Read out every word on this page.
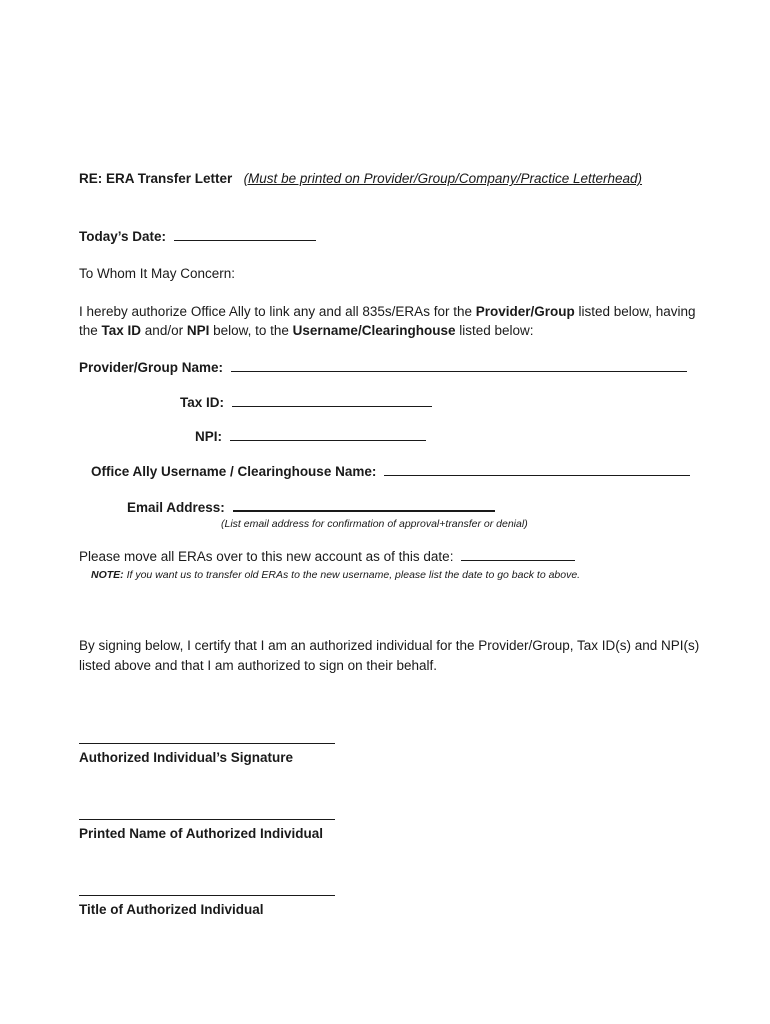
RE: ERA Transfer Letter (Must be printed on Provider/Group/Company/Practice Letterhead)
Today’s Date:
To Whom It May Concern:
I hereby authorize Office Ally to link any and all 835s/ERAs for the Provider/Group listed below, having
the Tax ID and/or NPI below, to the Username/Clearinghouse listed below:
Provider/Group Name:
Tax ID:
NPI:
Office Ally Username / Clearinghouse Name:
Email Address:
(List email address for confirmation of approval+transfer or denial)
Please move all ERAs over to this new account as of this date:
NOTE: If you want us to transfer old ERAs to the new username, please list the date to go back to above.
By signing below, I certify that I am an authorized individual for the Provider/Group, Tax ID(s) and NPI(s)
listed above and that I am authorized to sign on their behalf.
Authorized Individual’s Signature
Printed Name of Authorized Individual
Title of Authorized Individual
